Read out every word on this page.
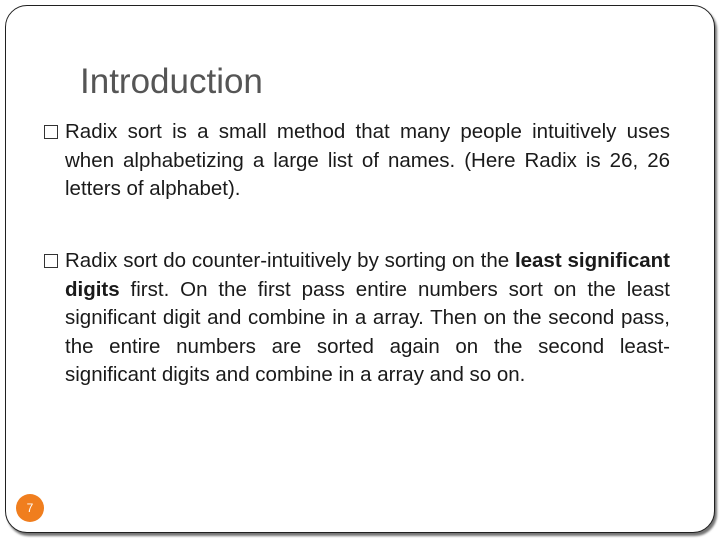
Introduction
Radix sort is a small method that many people intuitively uses when alphabetizing a large list of names. (Here Radix is 26, 26 letters of alphabet).
Radix sort do counter-intuitively by sorting on the least significant digits first. On the first pass entire numbers sort on the least significant digit and combine in a array. Then on the second pass, the entire numbers are sorted again on the second least-significant digits and combine in a array and so on.
7
